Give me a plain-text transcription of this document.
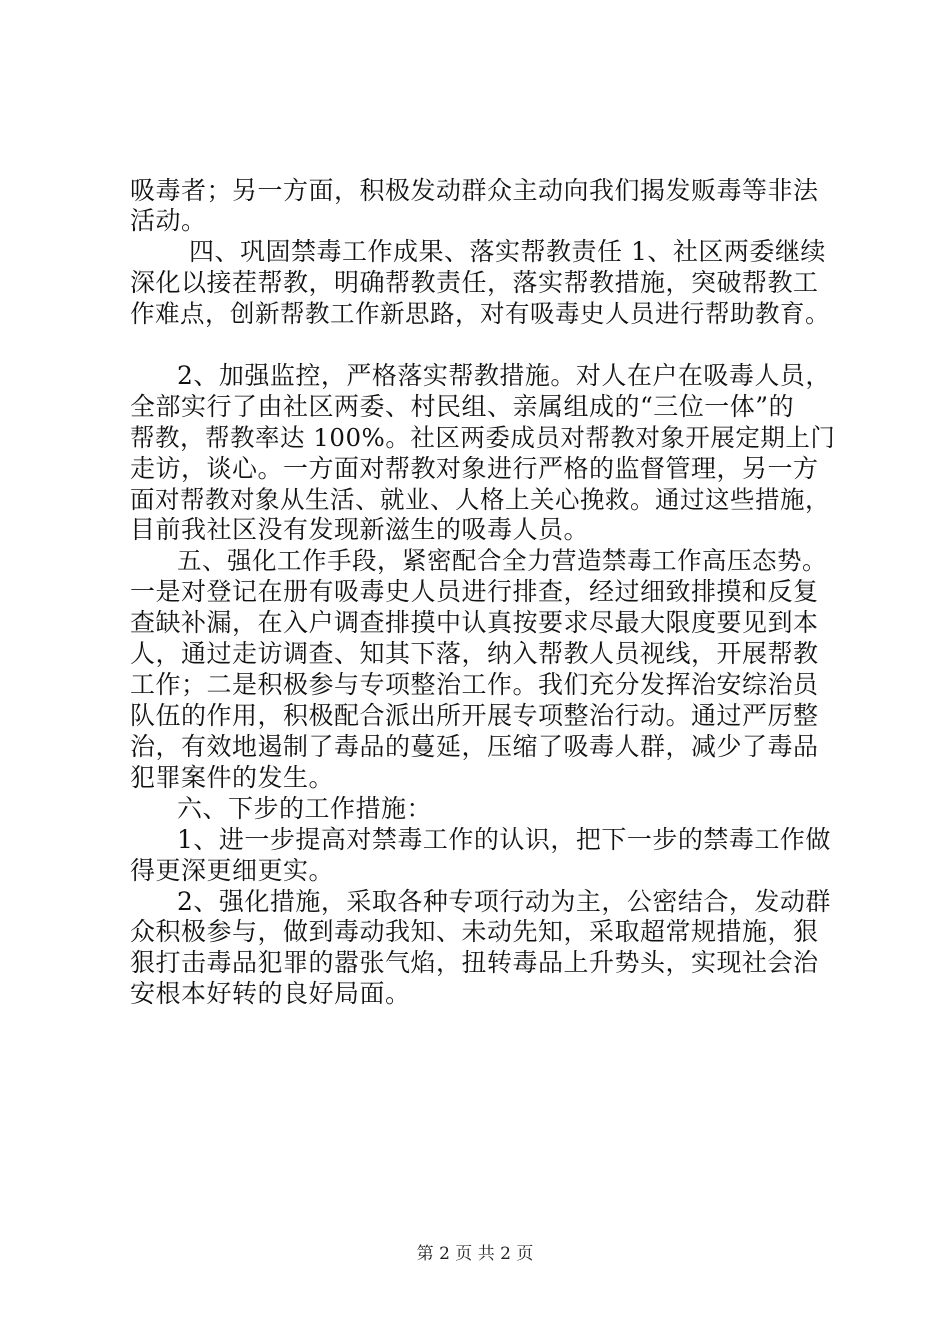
吸毒者；另一方面，积极发动群众主动向我们揭发贩毒等非法
活动。
四、巩固禁毒工作成果、落实帮教责任 1、社区两委继续
深化以接茬帮教，明确帮教责任，落实帮教措施，突破帮教工
作难点，创新帮教工作新思路，对有吸毒史人员进行帮助教育。
2、加强监控，严格落实帮教措施。对人在户在吸毒人员，
全部实行了由社区两委、村民组、亲属组成的“三位一体”的
帮教，帮教率达 100%。社区两委成员对帮教对象开展定期上门
走访，谈心。一方面对帮教对象进行严格的监督管理，另一方
面对帮教对象从生活、就业、人格上关心挽救。通过这些措施，
目前我社区没有发现新滋生的吸毒人员。
五、强化工作手段，紧密配合全力营造禁毒工作高压态势。
一是对登记在册有吸毒史人员进行排查，经过细致排摸和反复
查缺补漏，在入户调查排摸中认真按要求尽最大限度要见到本
人，通过走访调查、知其下落，纳入帮教人员视线，开展帮教
工作；二是积极参与专项整治工作。我们充分发挥治安综治员
队伍的作用，积极配合派出所开展专项整治行动。通过严厉整
治，有效地遏制了毒品的蔓延，压缩了吸毒人群，减少了毒品
犯罪案件的发生。
六、下步的工作措施：
1、进一步提高对禁毒工作的认识，把下一步的禁毒工作做
得更深更细更实。
2、强化措施，采取各种专项行动为主，公密结合，发动群
众积极参与，做到毒动我知、未动先知，采取超常规措施，狠
狠打击毒品犯罪的嚣张气焰，扭转毒品上升势头，实现社会治
安根本好转的良好局面。
第 2 页 共 2 页
